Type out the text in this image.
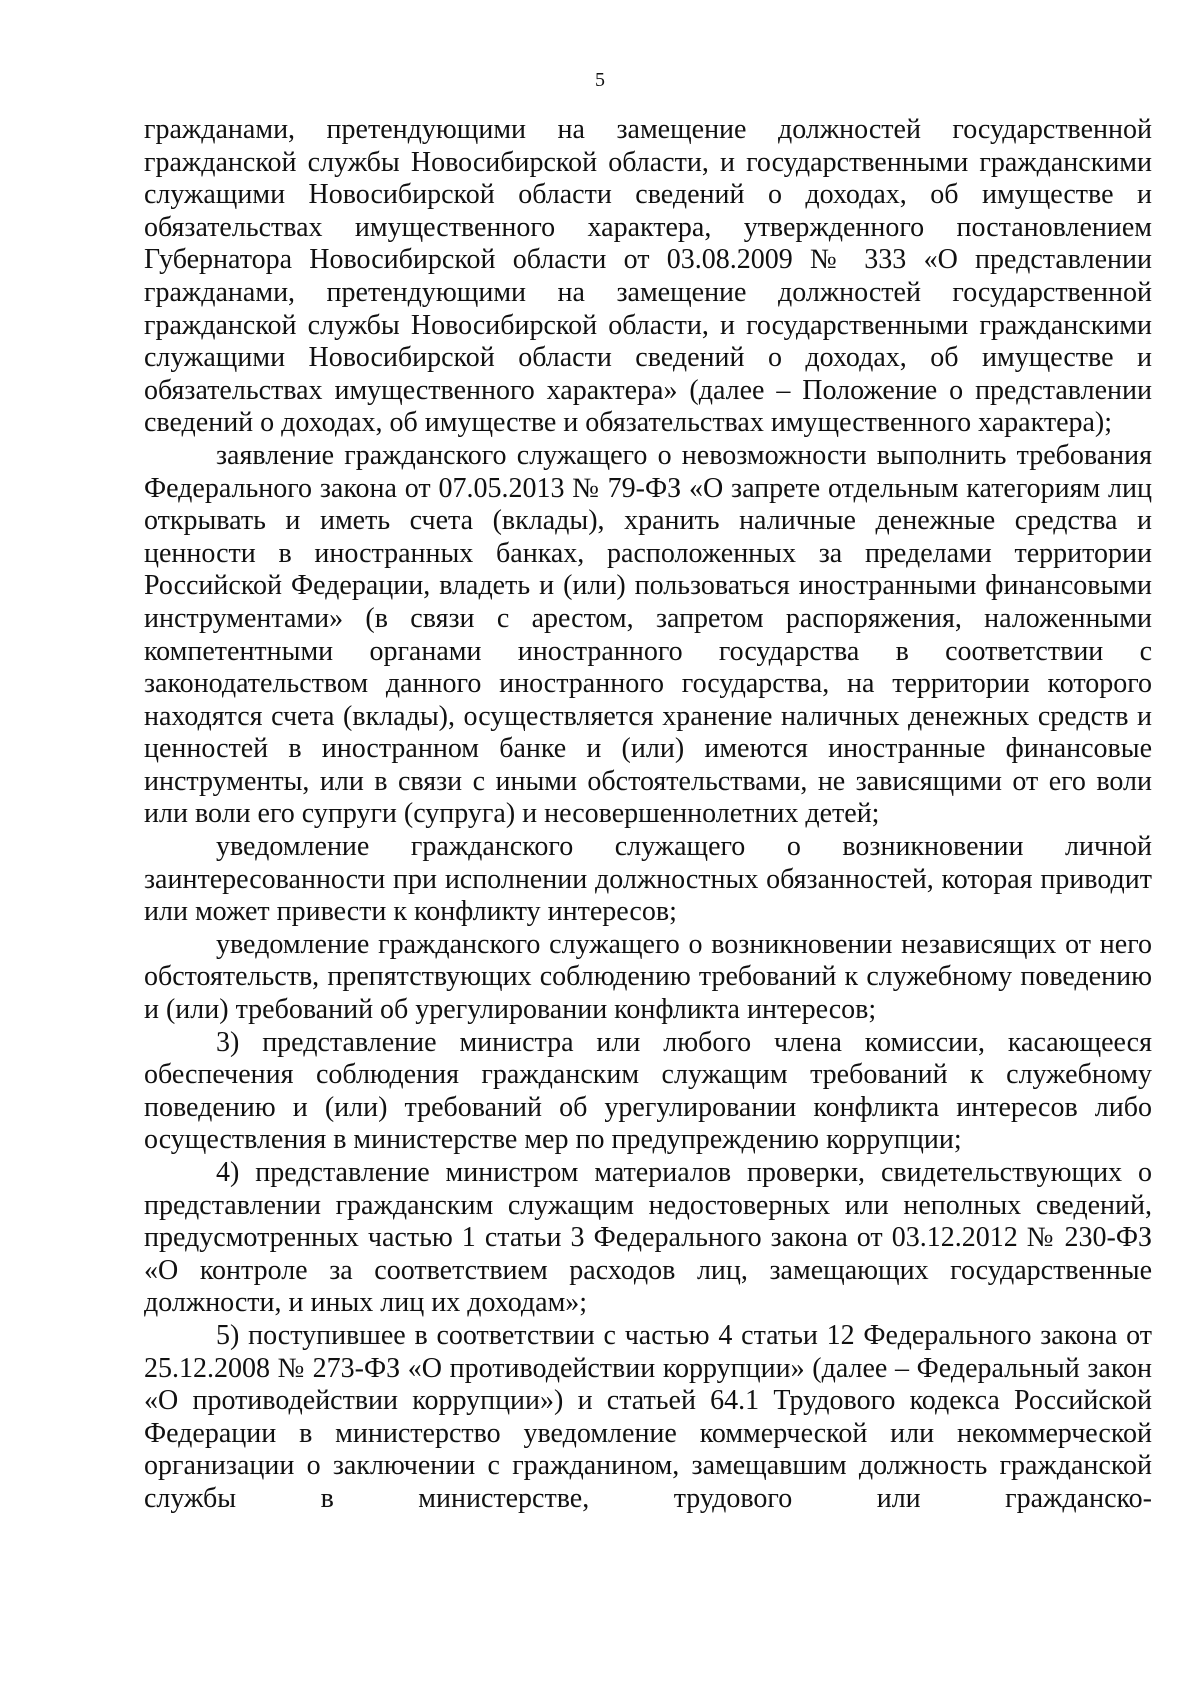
5

гражданами, претендующими на замещение должностей государственной гражданской службы Новосибирской области, и государственными гражданскими служащими Новосибирской области сведений о доходах, об имуществе и обязательствах имущественного характера, утвержденного постановлением Губернатора Новосибирской области от 03.08.2009 № 333 «О представлении гражданами, претендующими на замещение должностей государственной гражданской службы Новосибирской области, и государственными гражданскими служащими Новосибирской области сведений о доходах, об имуществе и обязательствах имущественного характера» (далее – Положение о представлении сведений о доходах, об имуществе и обязательствах имущественного характера);

заявление гражданского служащего о невозможности выполнить требования Федерального закона от 07.05.2013 № 79-ФЗ «О запрете отдельным категориям лиц открывать и иметь счета (вклады), хранить наличные денежные средства и ценности в иностранных банках, расположенных за пределами территории Российской Федерации, владеть и (или) пользоваться иностранными финансовыми инструментами» (в связи с арестом, запретом распоряжения, наложенными компетентными органами иностранного государства в соответствии с законодательством данного иностранного государства, на территории которого находятся счета (вклады), осуществляется хранение наличных денежных средств и ценностей в иностранном банке и (или) имеются иностранные финансовые инструменты, или в связи с иными обстоятельствами, не зависящими от его воли или воли его супруги (супруга) и несовершеннолетних детей;

уведомление гражданского служащего о возникновении личной заинтересованности при исполнении должностных обязанностей, которая приводит или может привести к конфликту интересов;

уведомление гражданского служащего о возникновении независящих от него обстоятельств, препятствующих соблюдению требований к служебному поведению и (или) требований об урегулировании конфликта интересов;

3) представление министра или любого члена комиссии, касающееся обеспечения соблюдения гражданским служащим требований к служебному поведению и (или) требований об урегулировании конфликта интересов либо осуществления в министерстве мер по предупреждению коррупции;

4) представление министром материалов проверки, свидетельствующих о представлении гражданским служащим недостоверных или неполных сведений, предусмотренных частью 1 статьи 3 Федерального закона от 03.12.2012 № 230-ФЗ «О контроле за соответствием расходов лиц, замещающих государственные должности, и иных лиц их доходам»;

5) поступившее в соответствии с частью 4 статьи 12 Федерального закона от 25.12.2008 № 273-ФЗ «О противодействии коррупции» (далее – Федеральный закон «О противодействии коррупции») и статьей 64.1 Трудового кодекса Российской Федерации в министерство уведомление коммерческой или некоммерческой организации о заключении с гражданином, замещавшим должность гражданской службы в министерстве, трудового или гражданско-
